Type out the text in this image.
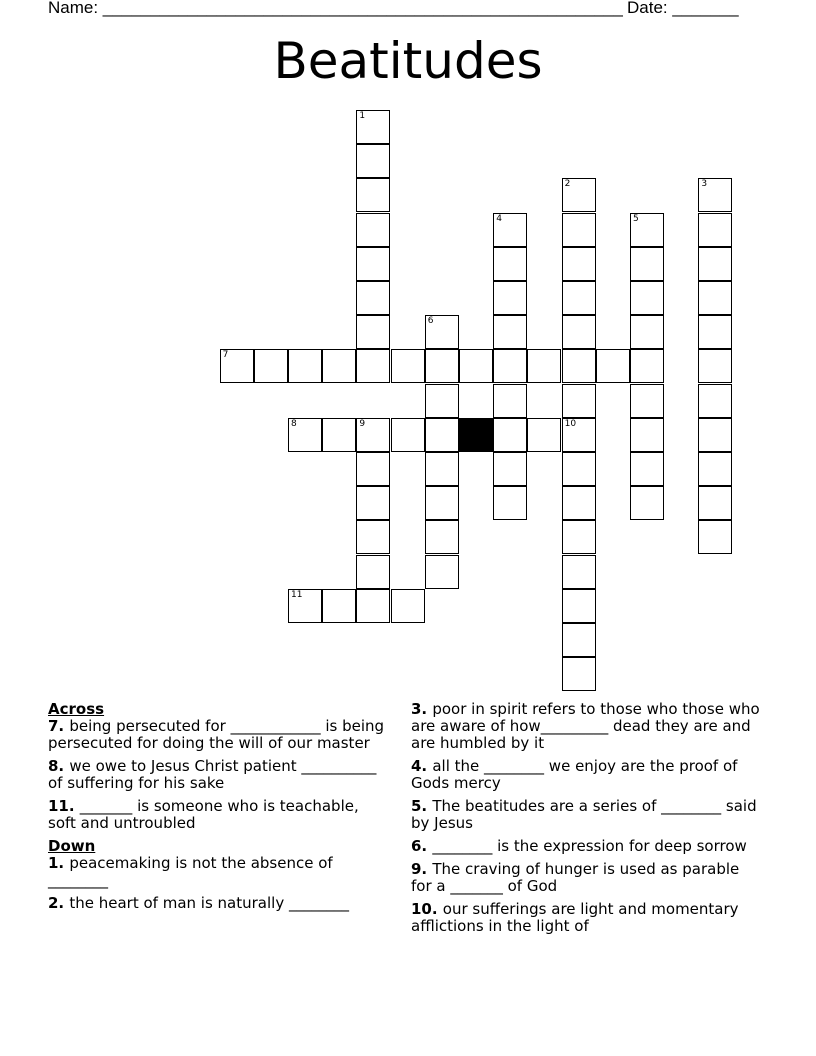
Name: _______________________________________________________ Date: _______
Beatitudes
1
2	3
4	5
6
7
8	9	10
11
Across
7. being persecuted for ____________ is being persecuted for doing the will of our master
8. we owe to Jesus Christ patient __________ of suffering for his sake
11. _______ is someone who is teachable, soft and untroubled
Down
1. peacemaking is not the absence of ________
2. the heart of man is naturally ________
3. poor in spirit refers to those who those who are aware of how_________ dead they are and are humbled by it
4. all the ________ we enjoy are the proof of Gods mercy
5. The beatitudes are a series of ________ said by Jesus
6. ________ is the expression for deep sorrow
9. The craving of hunger is used as parable for a _______ of God
10. our sufferings are light and momentary afflictions in the light of
